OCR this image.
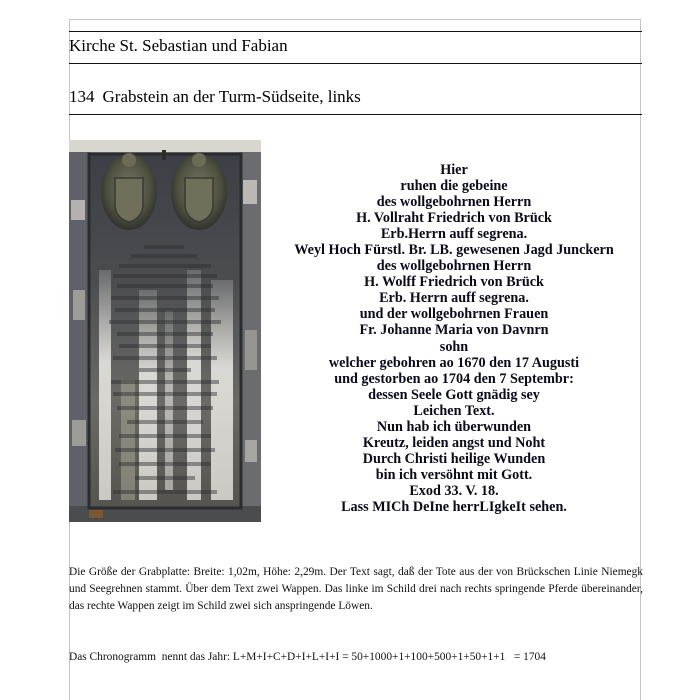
Kirche St. Sebastian und Fabian
134 Grabstein an der Turm-Südseite, links
Hier
ruhen die gebeine
des wollgebohrnen Herrn
H. Vollraht Friedrich von Brück
Erb.Herrn auff segrena.
Weyl Hoch Fürstl. Br. LB. gewesenen Jagd Junckern
des wollgebohrnen Herrn
H. Wolff Friedrich von Brück
Erb. Herrn auff segrena.
und der wollgebohrnen Frauen
Fr. Johanne Maria von Davnrn
sohn
welcher gebohren ao 1670 den 17 Augusti
und gestorben ao 1704 den 7 Septembr:
dessen Seele Gott gnädig sey
Leichen Text.
Nun hab ich überwunden
Kreutz, leiden angst und Noht
Durch Christi heilige Wunden
bin ich versöhnt mit Gott.
Exod 33. V. 18.
Lass MICh DeIne herrLIgkeIt sehen.
Die Größe der Grabplatte: Breite: 1,02m, Höhe: 2,29m. Der Text sagt, daß der Tote aus der von Brückschen Linie Niemegk und Seegrehnen stammt. Über dem Text zwei Wappen. Das linke im Schild drei nach rechts springende Pferde übereinander, das rechte Wappen zeigt im Schild zwei sich anspringende Löwen.
Das Chronogramm  nennt das Jahr: L+M+I+C+D+I+L+I+I = 50+1000+1+100+500+1+50+1+1   = 1704
